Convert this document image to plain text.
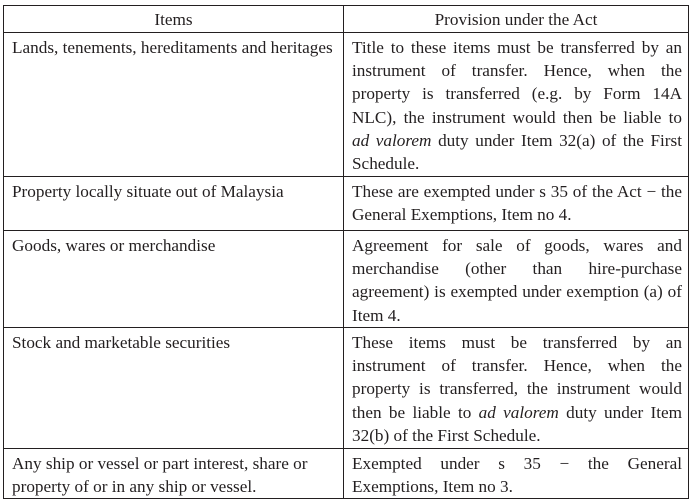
Items	Provision under the Act
Lands, tenements, hereditaments and heritages	Title to these items must be transferred by an instrument of transfer. Hence, when the property is transferred (e.g. by Form 14A NLC), the instrument would then be liable to ad valorem duty under Item 32(a) of the First Schedule.
Property locally situate out of Malaysia	These are exempted under s 35 of the Act − the General Exemptions, Item no 4.
Goods, wares or merchandise	Agreement for sale of goods, wares and merchandise (other than hire-purchase agreement) is exempted under exemption (a) of Item 4.
Stock and marketable securities	These items must be transferred by an instrument of transfer. Hence, when the property is transferred, the instrument would then be liable to ad valorem duty under Item 32(b) of the First Schedule.
Any ship or vessel or part interest, share or property of or in any ship or vessel.	Exempted under s 35 − the General Exemptions, Item no 3.
